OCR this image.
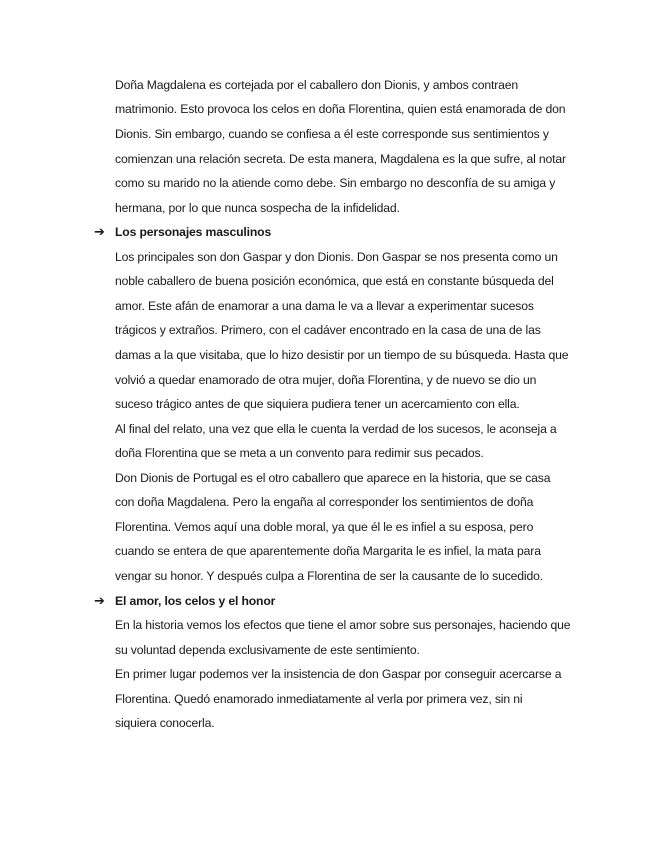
Doña Magdalena es cortejada por el caballero don Dionis, y ambos contraen
matrimonio. Esto provoca los celos en doña Florentina, quien está enamorada de don
Dionis. Sin embargo, cuando se confiesa a él este corresponde sus sentimientos y
comienzan una relación secreta. De esta manera, Magdalena es la que sufre, al notar
como su marido no la atiende como debe. Sin embargo no desconfía de su amiga y
hermana, por lo que nunca sospecha de la infidelidad.
➔ Los personajes masculinos
Los principales son don Gaspar y don Dionis. Don Gaspar se nos presenta como un
noble caballero de buena posición económica, que está en constante búsqueda del
amor. Este afán de enamorar a una dama le va a llevar a experimentar sucesos
trágicos y extraños. Primero, con el cadáver encontrado en la casa de una de las
damas a la que visitaba, que lo hizo desistir por un tiempo de su búsqueda. Hasta que
volvió a quedar enamorado de otra mujer, doña Florentina, y de nuevo se dio un
suceso trágico antes de que siquiera pudiera tener un acercamiento con ella.
Al final del relato, una vez que ella le cuenta la verdad de los sucesos, le aconseja a
doña Florentina que se meta a un convento para redimir sus pecados.
Don Dionis de Portugal es el otro caballero que aparece en la historia, que se casa
con doña Magdalena. Pero la engaña al corresponder los sentimientos de doña
Florentina. Vemos aquí una doble moral, ya que él le es infiel a su esposa, pero
cuando se entera de que aparentemente doña Margarita le es infiel, la mata para
vengar su honor. Y después culpa a Florentina de ser la causante de lo sucedido.
➔ El amor, los celos y el honor
En la historia vemos los efectos que tiene el amor sobre sus personajes, haciendo que
su voluntad dependa exclusivamente de este sentimiento.
En primer lugar podemos ver la insistencia de don Gaspar por conseguir acercarse a
Florentina. Quedó enamorado inmediatamente al verla por primera vez, sin ni
siquiera conocerla.
